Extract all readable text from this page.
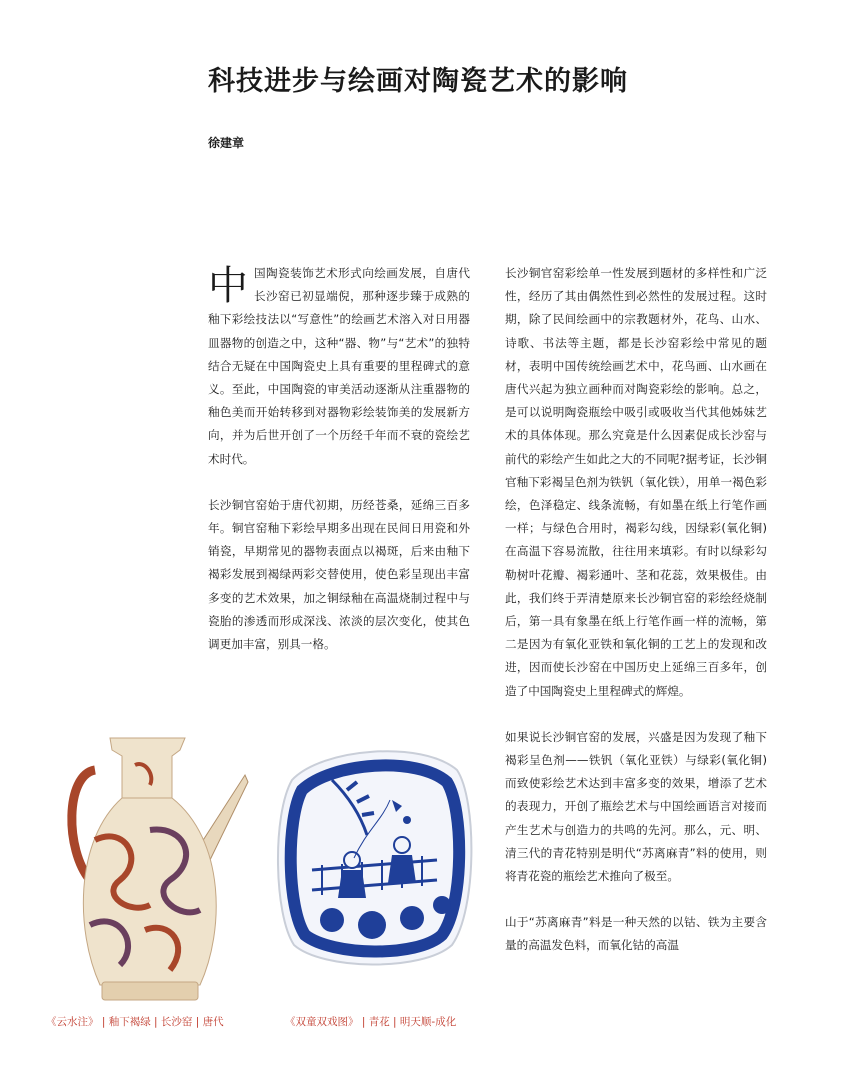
科技进步与绘画对陶瓷艺术的影响
徐建章

中国陶瓷装饰艺术形式向绘画发展，自唐代长沙窑已初显端倪，那种逐步臻于成熟的釉下彩绘技法以“写意性”的绘画艺术溶入对日用器皿器物的创造之中，这种“器、物”与“艺术”的独特结合无疑在中国陶瓷史上具有重要的里程碑式的意义。至此，中国陶瓷的审美活动逐渐从注重器物的釉色美而开始转移到对器物彩绘装饰美的发展新方向，并为后世开创了一个历经千年而不衰的瓷绘艺术时代。

长沙铜官窑始于唐代初期，历经苍桑，延绵三百多年。铜官窑釉下彩绘早期多出现在民间日用瓷和外销瓷，早期常见的器物表面点以褐斑，后来由釉下褐彩发展到褐绿两彩交替使用，使色彩呈现出丰富多变的艺术效果，加之铜绿釉在高温烧制过程中与瓷胎的渗透而形成深浅、浓淡的层次变化，使其色调更加丰富，别具一格。

长沙铜官窑彩绘单一性发展到题材的多样性和广泛性，经历了其由偶然性到必然性的发展过程。这时期，除了民间绘画中的宗教题材外，花鸟、山水、诗歌、书法等主题，都是长沙窑彩绘中常见的题材，表明中国传统绘画艺术中，花鸟画、山水画在唐代兴起为独立画种而对陶瓷彩绘的影响。总之，是可以说明陶瓷瓶绘中吸引或吸收当代其他姊妹艺术的具体体现。那么究竟是什么因素促成长沙窑与前代的彩绘产生如此之大的不同呢?据考证，长沙铜官釉下彩褐呈色剂为铁钒（氧化铁），用单一褐色彩绘，色泽稳定、线条流畅，有如墨在纸上行笔作画一样；与绿色合用时，褐彩勾线，因绿彩(氧化铜)在高温下容易流散，往往用来填彩。有时以绿彩勾勒树叶花瓣、褐彩通叶、茎和花蕊，效果极佳。由此，我们终于弄清楚原来长沙铜官窑的彩绘经烧制后，第一具有象墨在纸上行笔作画一样的流畅，第二是因为有氧化亚铁和氧化铜的工艺上的发现和改进，因而使长沙窑在中国历史上延绵三百多年，创造了中国陶瓷史上里程碑式的辉煌。

如果说长沙铜官窑的发展，兴盛是因为发现了釉下褐彩呈色剂——铁钒（氧化亚铁）与绿彩(氧化铜)而致使彩绘艺术达到丰富多变的效果，增添了艺术的表现力，开创了瓶绘艺术与中国绘画语言对接而产生艺术与创造力的共鸣的先河。那么，元、明、清三代的青花特别是明代“苏离麻青”料的使用，则将青花瓷的瓶绘艺术推向了极至。

山于“苏离麻青”料是一种天然的以钴、铁为主要含量的高温发色料，而氧化钴的高温

《云水注》 | 釉下褐绿 | 长沙窑 | 唐代	《双童双戏图》 | 青花 | 明天顺-成化
